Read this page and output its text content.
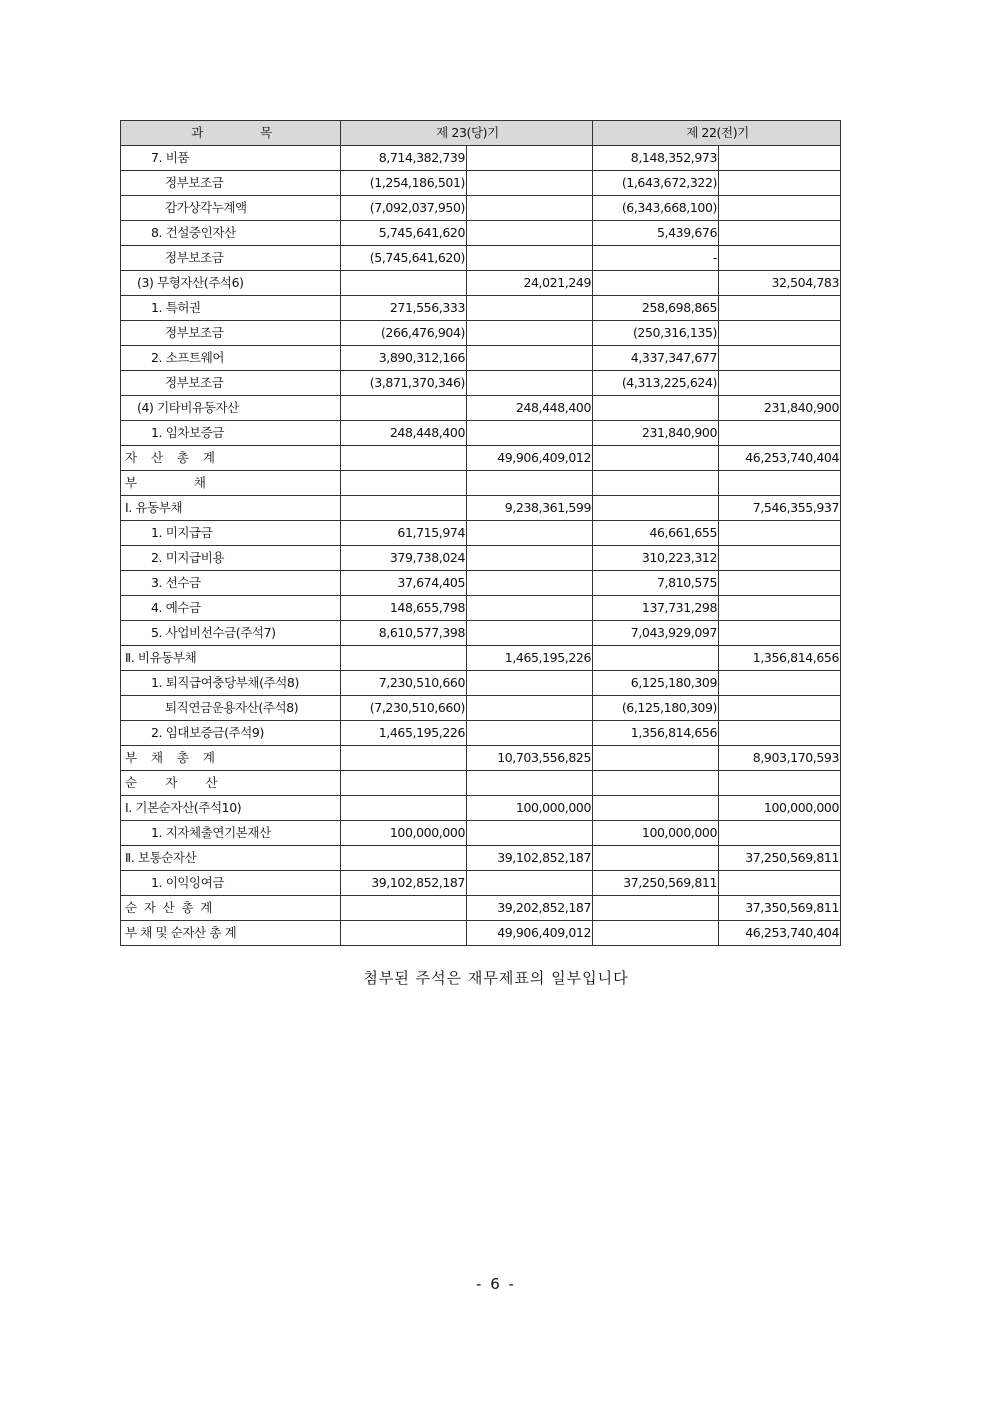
과                목	제 23(당)기		제 22(전)기	
7. 비품	8,714,382,739		8,148,352,973	
정부보조금	(1,254,186,501)		(1,643,672,322)	
감가상각누계액	(7,092,037,950)		(6,343,668,100)	
8. 건설중인자산	5,745,641,620		5,439,676	
정부보조금	(5,745,641,620)		-	
(3) 무형자산(주석6)		24,021,249		32,504,783
1. 특허권	271,556,333		258,698,865	
정부보조금	(266,476,904)		(250,316,135)	
2. 소프트웨어	3,890,312,166		4,337,347,677	
정부보조금	(3,871,370,346)		(4,313,225,624)	
(4) 기타비유동자산		248,448,400		231,840,900
1. 임차보증금	248,448,400		231,840,900	
자    산    총    계		49,906,409,012		46,253,740,404
부                채				
Ⅰ. 유동부채		9,238,361,599		7,546,355,937
1. 미지급금	61,715,974		46,661,655	
2. 미지급비용	379,738,024		310,223,312	
3. 선수금	37,674,405		7,810,575	
4. 예수금	148,655,798		137,731,298	
5. 사업비선수금(주석7)	8,610,577,398		7,043,929,097	
Ⅱ. 비유동부채		1,465,195,226		1,356,814,656
1. 퇴직급여충당부채(주석8)	7,230,510,660		6,125,180,309	
퇴직연금운용자산(주석8)	(7,230,510,660)		(6,125,180,309)	
2. 임대보증금(주석9)	1,465,195,226		1,356,814,656	
부    채    총    계		10,703,556,825		8,903,170,593
순        자        산				
Ⅰ. 기본순자산(주석10)		100,000,000		100,000,000
1. 지자체출연기본재산	100,000,000		100,000,000	
Ⅱ. 보통순자산		39,102,852,187		37,250,569,811
1. 이익잉여금	39,102,852,187		37,250,569,811	
순  자  산  총  계		39,202,852,187		37,350,569,811
부 채 및 순자산 총 계		49,906,409,012		46,253,740,404
첨부된 주석은 재무제표의 일부입니다
- 6 -
